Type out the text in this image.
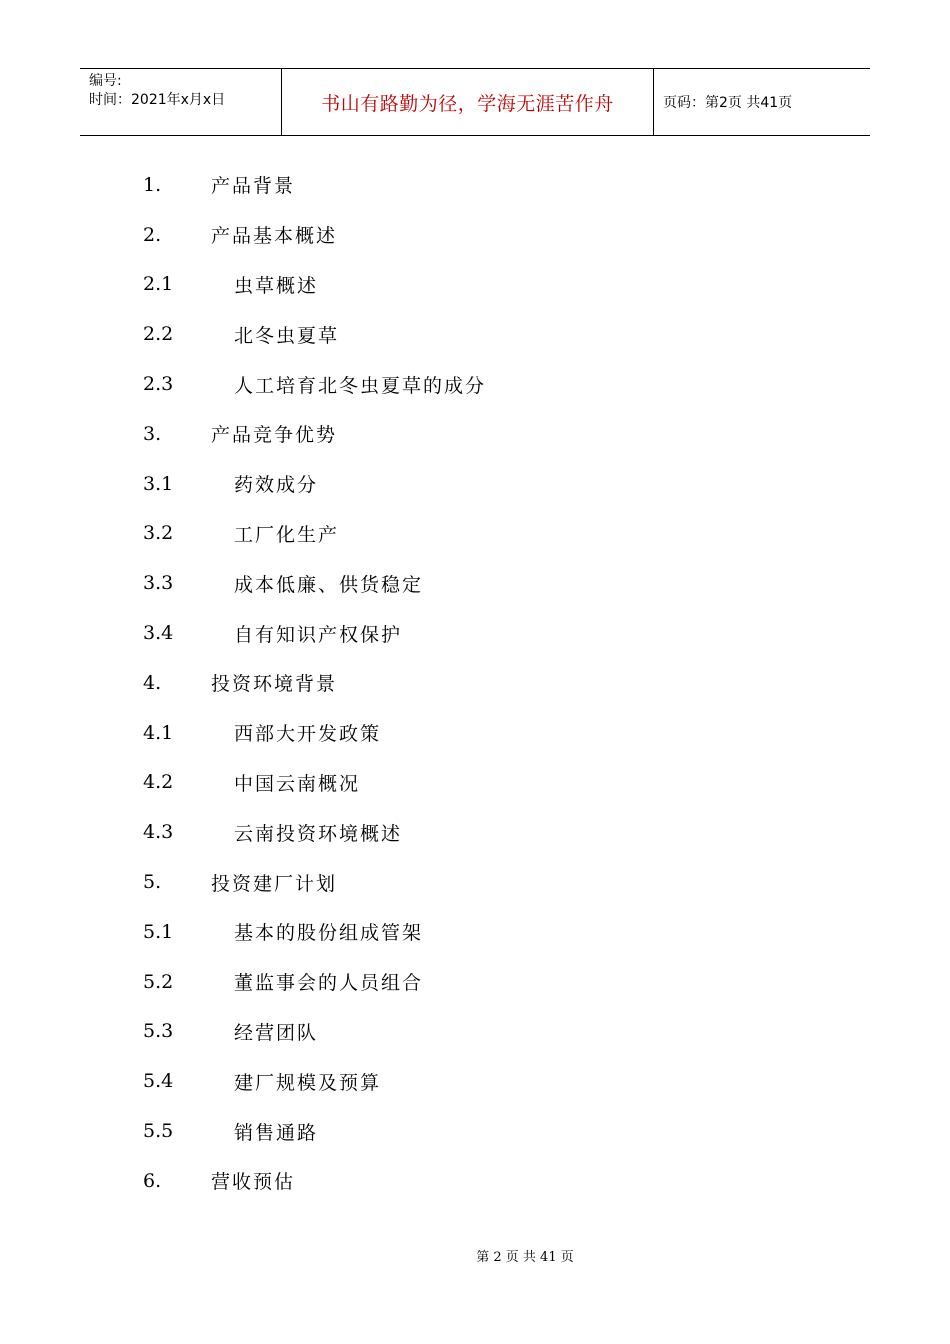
编号:
时间：2021年x月x日	书山有路勤为径，学海无涯苦作舟	页码：第2页 共41页
1.	产品背景
2.	产品基本概述
2.1	虫草概述
2.2	北冬虫夏草
2.3	人工培育北冬虫夏草的成分
3.	产品竞争优势
3.1	药效成分
3.2	工厂化生产
3.3	成本低廉、供货稳定
3.4	自有知识产权保护
4.	投资环境背景
4.1	西部大开发政策
4.2	中国云南概况
4.3	云南投资环境概述
5.	投资建厂计划
5.1	基本的股份组成管架
5.2	董监事会的人员组合
5.3	经营团队
5.4	建厂规模及预算
5.5	销售通路
6.	营收预估
第 2 页 共 41 页
